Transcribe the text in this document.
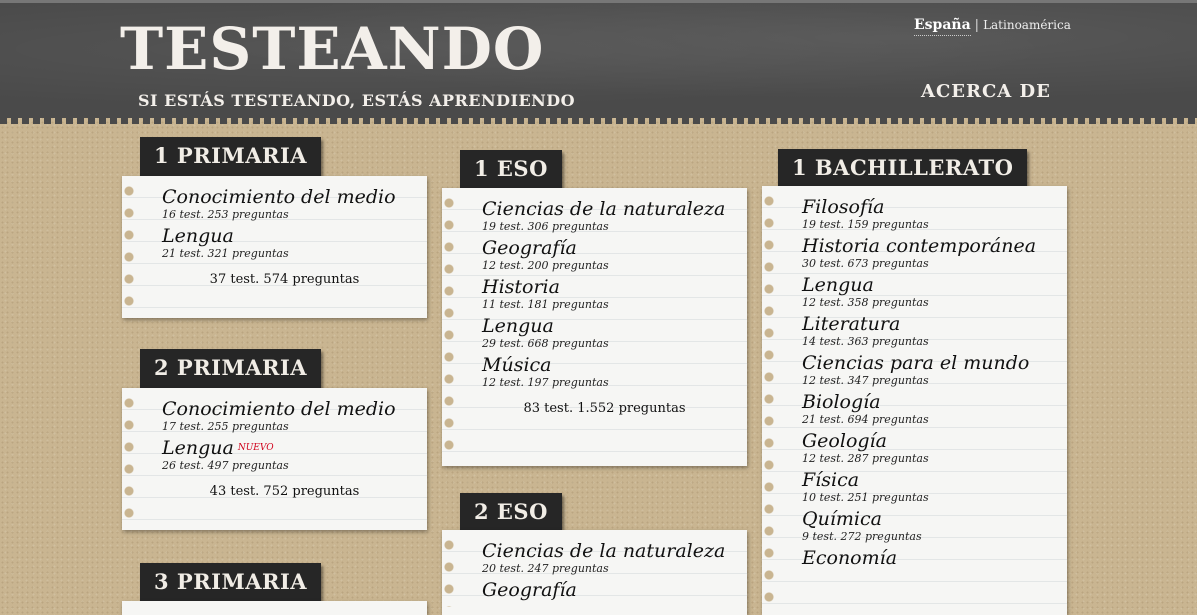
TESTEANDO
SI ESTÁS TESTEANDO, ESTÁS APRENDIENDO
España | Latinoamérica
ACERCA DE
1 PRIMARIA
Conocimiento del medio
16 test. 253 preguntas
Lengua
21 test. 321 preguntas
37 test. 574 preguntas
2 PRIMARIA
Conocimiento del medio
17 test. 255 preguntas
Lengua $^{NUEVO}$
26 test. 497 preguntas
43 test. 752 preguntas
3 PRIMARIA
1 ESO
Ciencias de la naturaleza
19 test. 306 preguntas
Geografía
12 test. 200 preguntas
Historia
11 test. 181 preguntas
Lengua
29 test. 668 preguntas
Música
12 test. 197 preguntas
83 test. 1.552 preguntas
2 ESO
Ciencias de la naturaleza
20 test. 247 preguntas
Geografía
1 BACHILLERATO
Filosofía
19 test. 159 preguntas
Historia contemporánea
30 test. 673 preguntas
Lengua
12 test. 358 preguntas
Literatura
14 test. 363 preguntas
Ciencias para el mundo
12 test. 347 preguntas
Biología
21 test. 694 preguntas
Geología
12 test. 287 preguntas
Física
10 test. 251 preguntas
Química
9 test. 272 preguntas
Economía
